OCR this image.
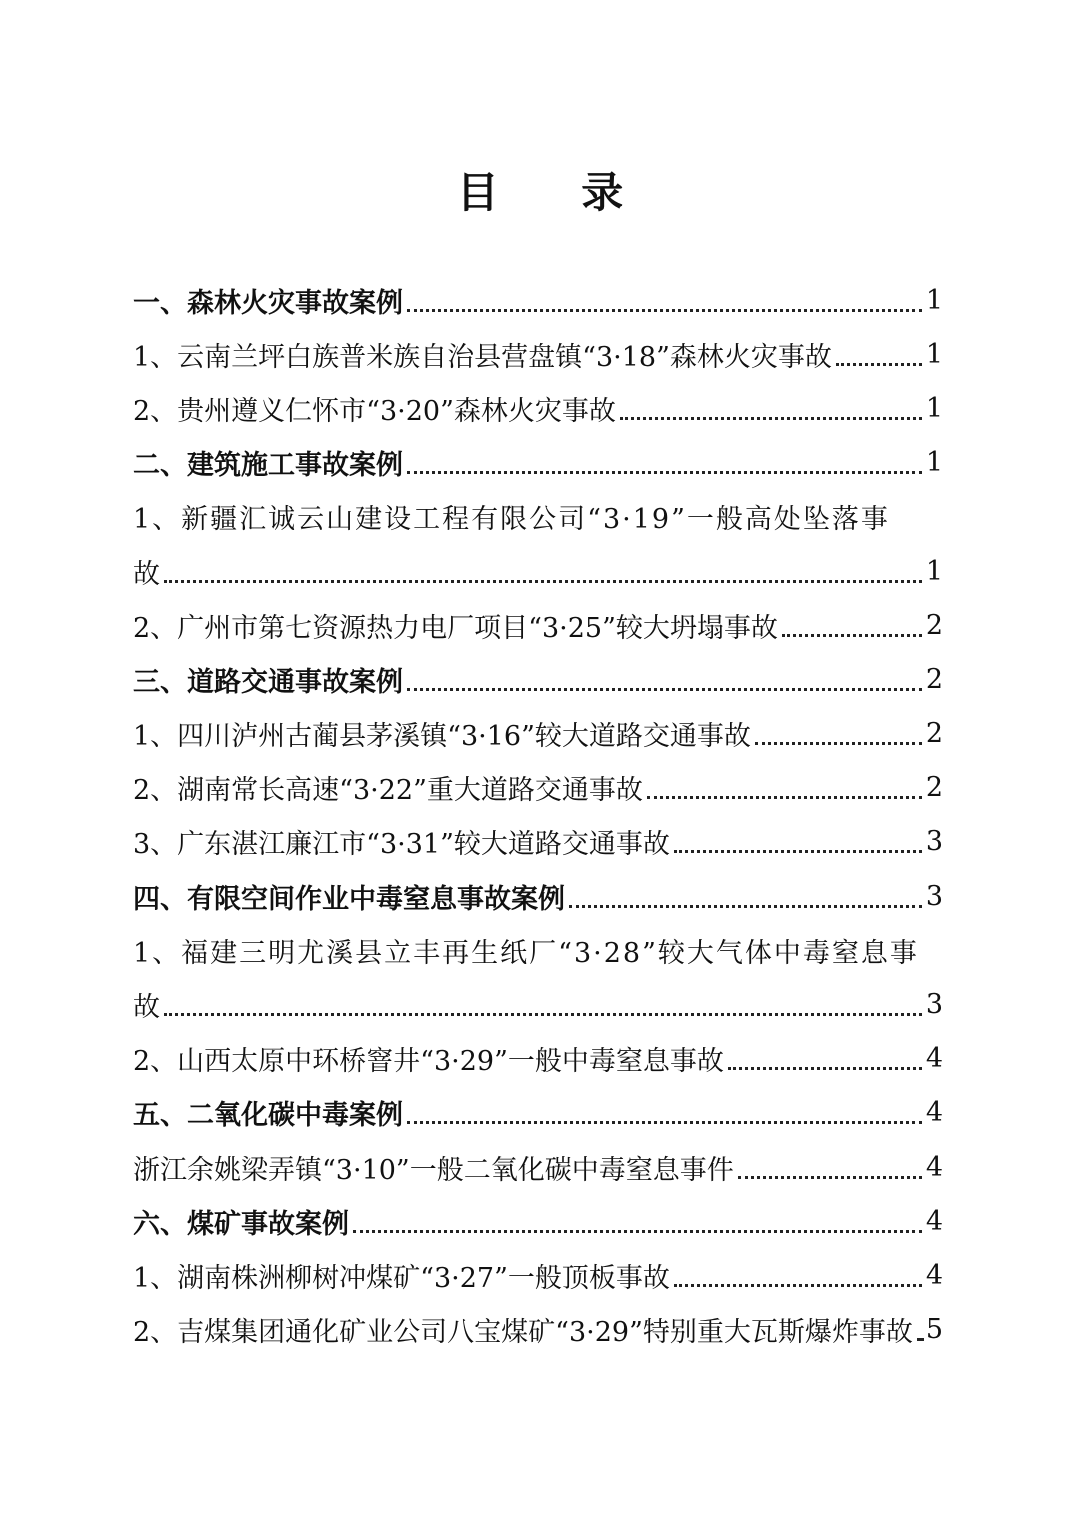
目 录
一、森林火灾事故案例	1
1、云南兰坪白族普米族自治县营盘镇“3·18”森林火灾事故	1
2、贵州遵义仁怀市“3·20”森林火灾事故	1
二、建筑施工事故案例	1
1、新疆汇诚云山建设工程有限公司“3·19”一般高处坠落事
故	1
2、广州市第七资源热力电厂项目“3·25”较大坍塌事故	2
三、道路交通事故案例	2
1、四川泸州古蔺县茅溪镇“3·16”较大道路交通事故	2
2、湖南常长高速“3·22”重大道路交通事故	2
3、广东湛江廉江市“3·31”较大道路交通事故	3
四、有限空间作业中毒窒息事故案例	3
1、福建三明尤溪县立丰再生纸厂“3·28”较大气体中毒窒息事
故	3
2、山西太原中环桥窨井“3·29”一般中毒窒息事故	4
五、二氧化碳中毒案例	4
浙江余姚梁弄镇“3·10”一般二氧化碳中毒窒息事件	4
六、煤矿事故案例	4
1、湖南株洲柳树冲煤矿“3·27”一般顶板事故	4
2、吉煤集团通化矿业公司八宝煤矿“3·29”特别重大瓦斯爆炸事故 5
